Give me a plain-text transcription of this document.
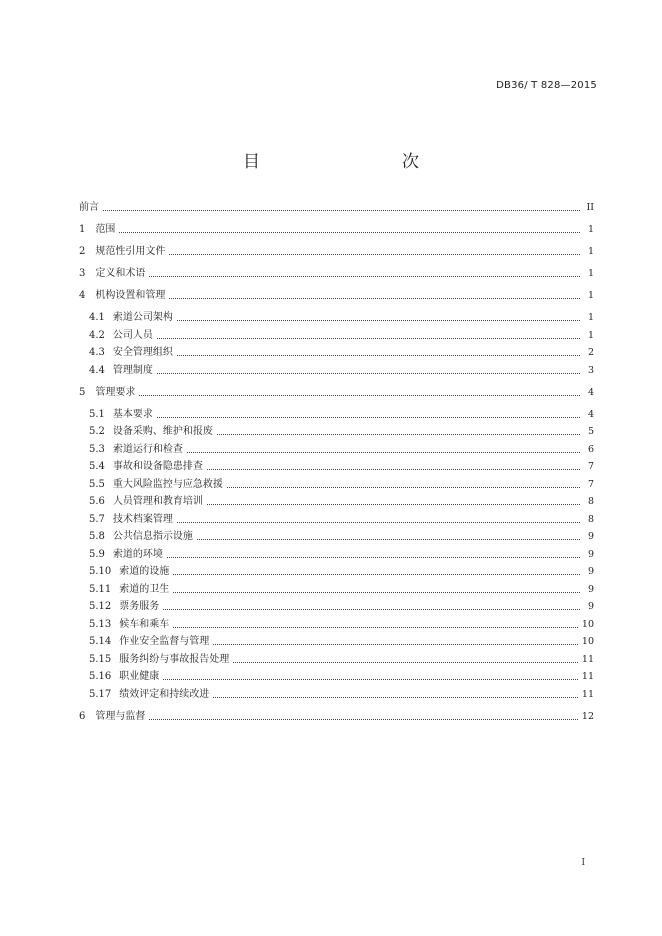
DB36/ T 828—2015
目　　次
前言	II
1 范围	1
2 规范性引用文件	1
3 定义和术语	1
4 机构设置和管理	1
4.1 索道公司架构	1
4.2 公司人员	1
4.3 安全管理组织	2
4.4 管理制度	3
5 管理要求	4
5.1 基本要求	4
5.2 设备采购、维护和报废	5
5.3 索道运行和检查	6
5.4 事故和设备隐患排查	7
5.5 重大风险监控与应急救援	7
5.6 人员管理和教育培训	8
5.7 技术档案管理	8
5.8 公共信息指示设施	9
5.9 索道的环境	9
5.10 索道的设施	9
5.11 索道的卫生	9
5.12 票务服务	9
5.13 候车和乘车	10
5.14 作业安全监督与管理	10
5.15 服务纠纷与事故报告处理	11
5.16 职业健康	11
5.17 绩效评定和持续改进	11
6 管理与监督	12
I
